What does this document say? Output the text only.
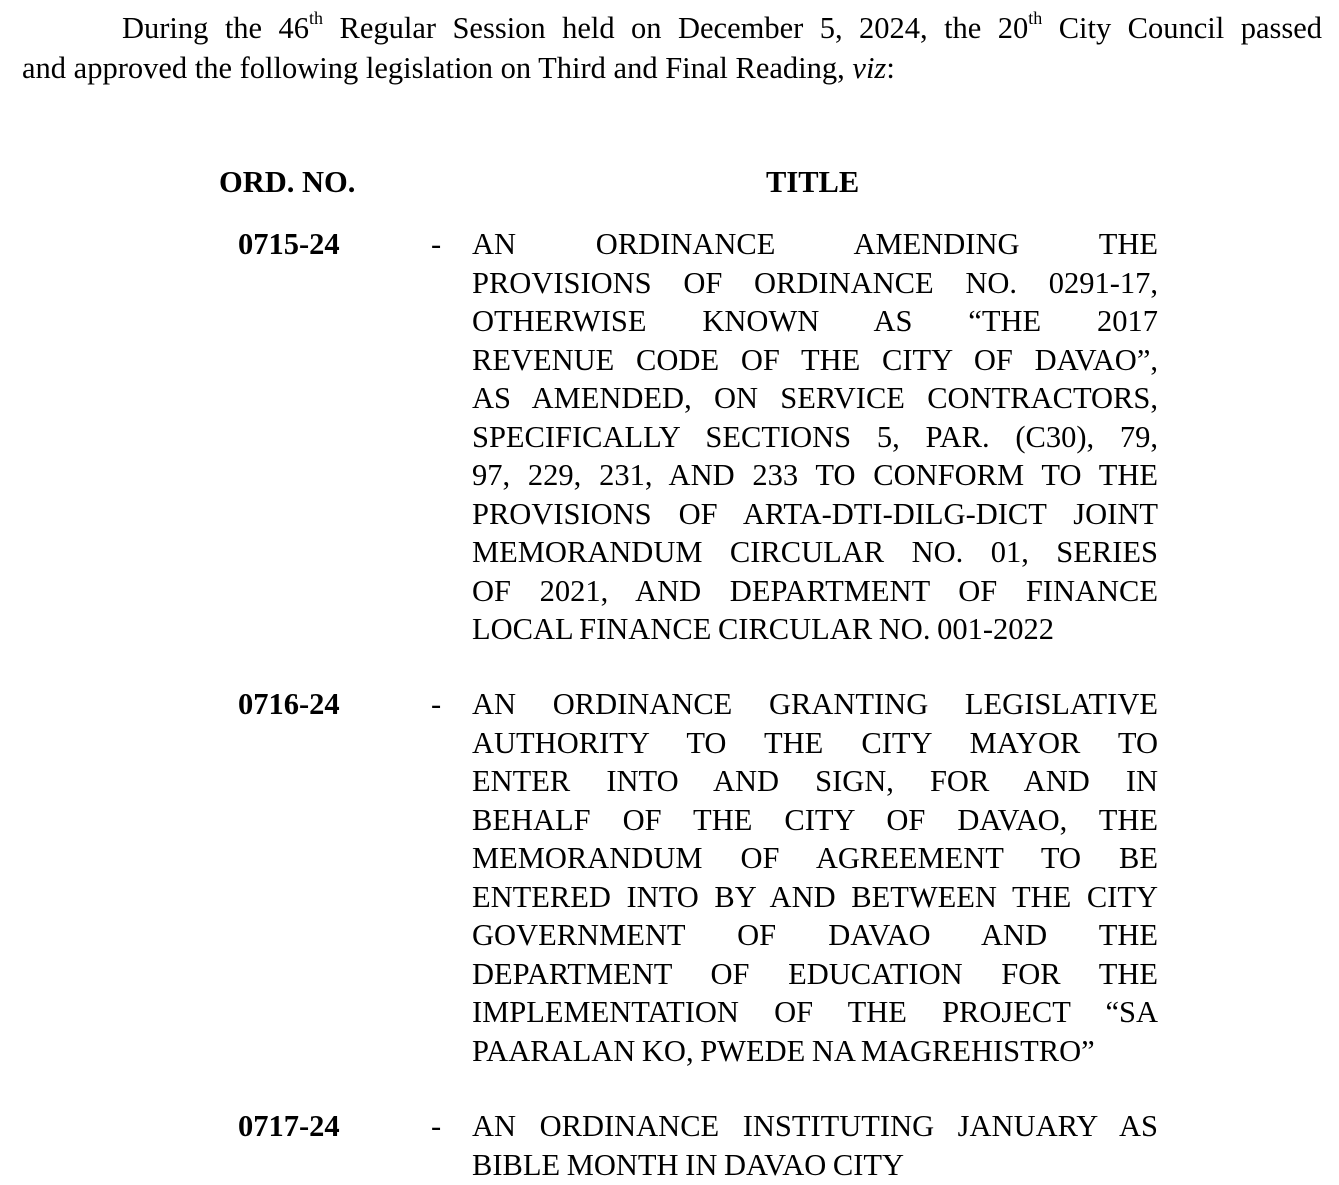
During the 46th Regular Session held on December 5, 2024, the 20th City Council passed
and approved the following legislation on Third and Final Reading, viz:
ORD. NO.	TITLE
0715-24	- AN ORDINANCE AMENDING THE
PROVISIONS OF ORDINANCE NO. 0291-17,
OTHERWISE KNOWN AS “THE 2017
REVENUE CODE OF THE CITY OF DAVAO”,
AS AMENDED, ON SERVICE CONTRACTORS,
SPECIFICALLY SECTIONS 5, PAR. (C30), 79,
97, 229, 231, AND 233 TO CONFORM TO THE
PROVISIONS OF ARTA-DTI-DILG-DICT JOINT
MEMORANDUM CIRCULAR NO. 01, SERIES
OF 2021, AND DEPARTMENT OF FINANCE
LOCAL FINANCE CIRCULAR NO. 001-2022
0716-24	- AN ORDINANCE GRANTING LEGISLATIVE
AUTHORITY TO THE CITY MAYOR TO
ENTER INTO AND SIGN, FOR AND IN
BEHALF OF THE CITY OF DAVAO, THE
MEMORANDUM OF AGREEMENT TO BE
ENTERED INTO BY AND BETWEEN THE CITY
GOVERNMENT OF DAVAO AND THE
DEPARTMENT OF EDUCATION FOR THE
IMPLEMENTATION OF THE PROJECT “SA
PAARALAN KO, PWEDE NA MAGREHISTRO”
0717-24	- AN ORDINANCE INSTITUTING JANUARY AS
BIBLE MONTH IN DAVAO CITY
